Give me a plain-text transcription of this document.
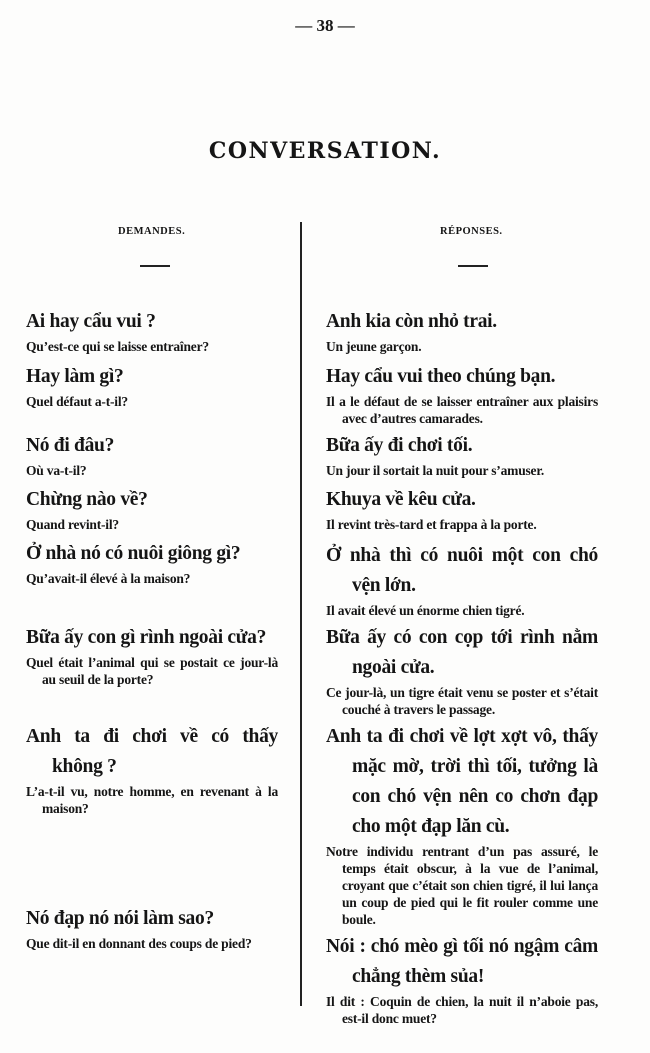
— 38 —
CONVERSATION.
DEMANDES.	RÉPONSES.
Ai hay cẩu vui ?
Qu’est-ce qui se laisse entraîner?
Hay làm gì?
Quel défaut a-t-il?
Nó đi đâu?
Où va-t-il?
Chừng nào về?
Quand revint-il?
Ở nhà nó có nuôi giông gì?
Qu’avait-il élevé à la maison?
Bữa ấy con gì rình ngoài cửa?
Quel était l’animal qui se postait ce jour-là au seuil de la porte?
Anh ta đi chơi về có thấy không ?
L’a-t-il vu, notre homme, en revenant à la maison?
Nó đạp nó nói làm sao?
Que dit-il en donnant des coups de pied?
Anh kia còn nhỏ trai.
Un jeune garçon.
Hay cẩu vui theo chúng bạn.
Il a le défaut de se laisser entraîner aux plaisirs avec d’autres camarades.
Bữa ấy đi chơi tối.
Un jour il sortait la nuit pour s’amuser.
Khuya về kêu cửa.
Il revint très-tard et frappa à la porte.
Ở nhà thì có nuôi một con chó vện lớn.
Il avait élevé un énorme chien tigré.
Bữa ấy có con cọp tới rình nằm ngoài cửa.
Ce jour-là, un tigre était venu se poster et s’était couché à travers le passage.
Anh ta đi chơi về lợt xợt vô, thấy mặc mờ, trời thì tối, tưởng là con chó vện nên co chơn đạp cho một đạp lăn cù.
Notre individu rentrant d’un pas assuré, le temps était obscur, à la vue de l’animal, croyant que c’était son chien tigré, il lui lança un coup de pied qui le fit rouler comme une boule.
Nói : chó mèo gì tối nó ngậm câm chẳng thèm sủa!
Il dit : Coquin de chien, la nuit il n’aboie pas, est-il donc muet?
